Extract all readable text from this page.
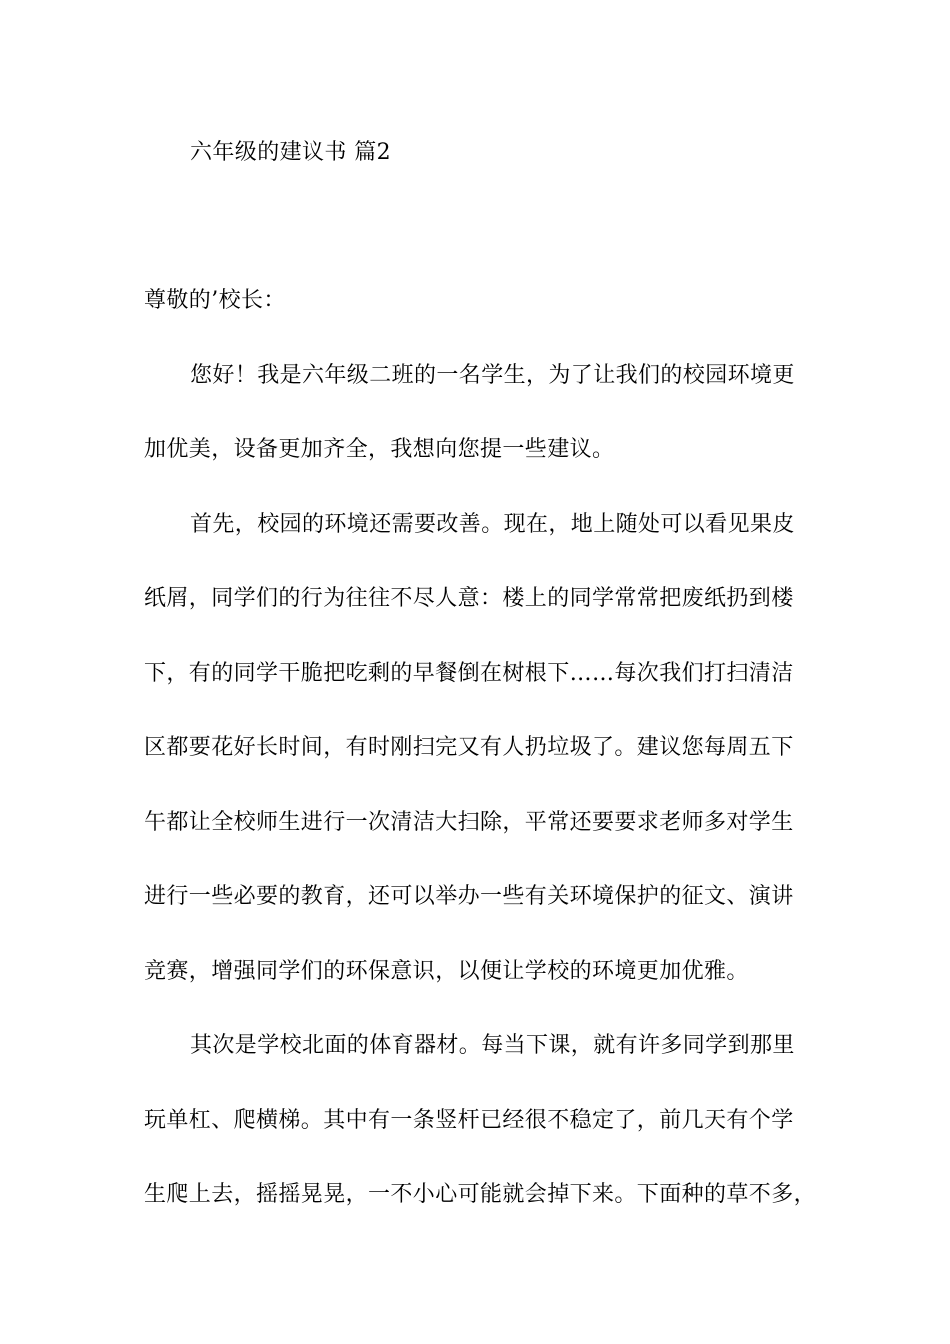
六年级的建议书 篇2
尊敬的’校长：
您好！我是六年级二班的一名学生，为了让我们的校园环境更
加优美，设备更加齐全，我想向您提一些建议。
首先，校园的环境还需要改善。现在，地上随处可以看见果皮
纸屑，同学们的行为往往不尽人意：楼上的同学常常把废纸扔到楼
下，有的同学干脆把吃剩的早餐倒在树根下……每次我们打扫清洁
区都要花好长时间，有时刚扫完又有人扔垃圾了。建议您每周五下
午都让全校师生进行一次清洁大扫除，平常还要要求老师多对学生
进行一些必要的教育，还可以举办一些有关环境保护的征文、演讲
竞赛，增强同学们的环保意识，以便让学校的环境更加优雅。
其次是学校北面的体育器材。每当下课，就有许多同学到那里
玩单杠、爬横梯。其中有一条竖杆已经很不稳定了，前几天有个学
生爬上去，摇摇晃晃，一不小心可能就会掉下来。下面种的草不多，
